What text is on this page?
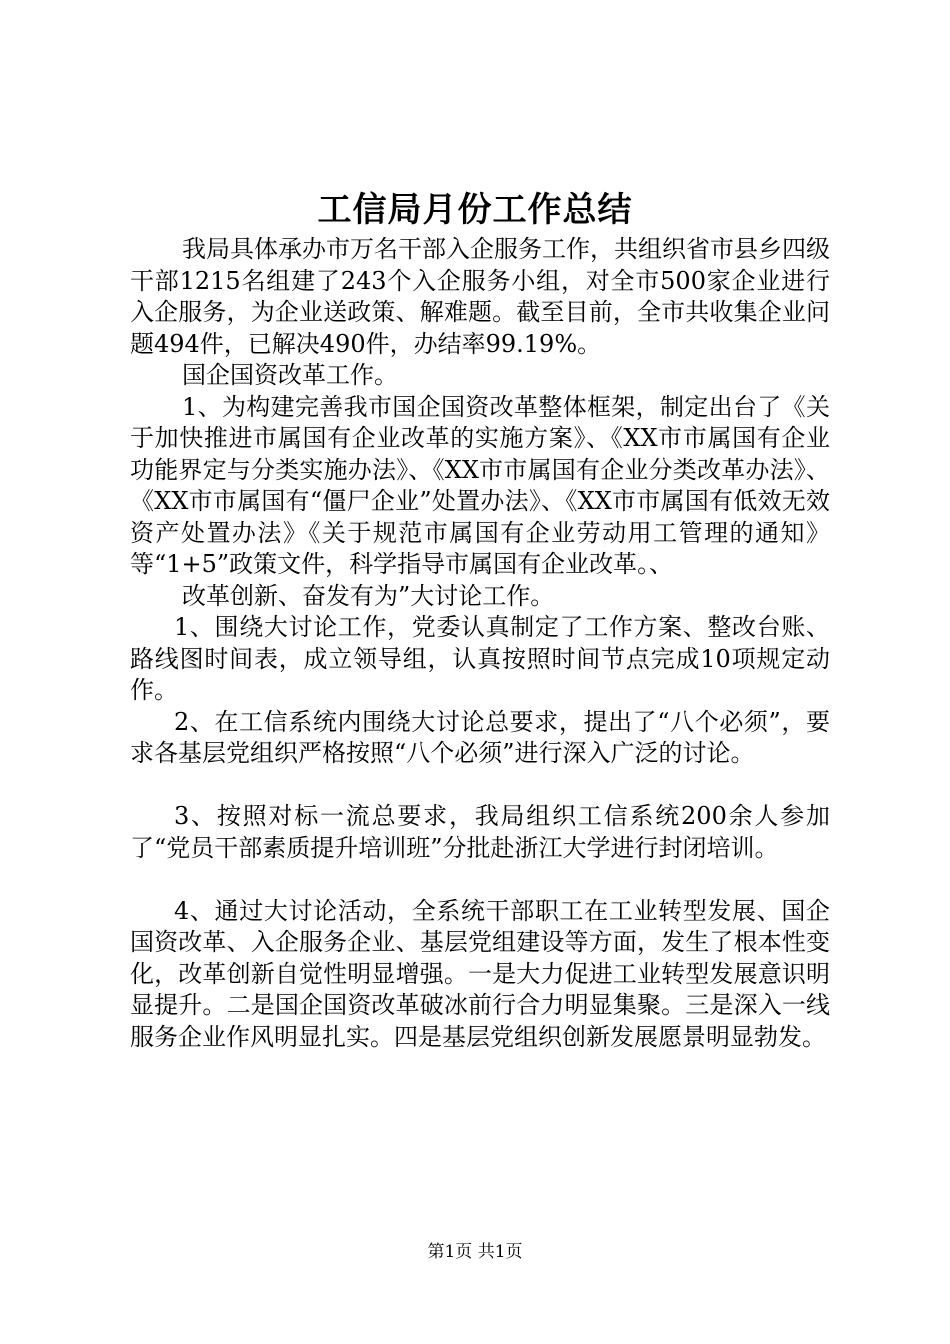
工信局月份工作总结

我局具体承办市万名干部入企服务工作，共组织省市县乡四级干部1215名组建了243个入企服务小组，对全市500家企业进行入企服务，为企业送政策、解难题。截至目前，全市共收集企业问题494件，已解决490件，办结率99.19%。

国企国资改革工作。

1、为构建完善我市国企国资改革整体框架，制定出台了《关于加快推进市属国有企业改革的实施方案》、《XX市市属国有企业功能界定与分类实施办法》、《XX市市属国有企业分类改革办法》、《XX市市属国有“僵尸企业”处置办法》、《XX市市属国有低效无效资产处置办法》《关于规范市属国有企业劳动用工管理的通知》等“1+5”政策文件，科学指导市属国有企业改革。、

改革创新、奋发有为”大讨论工作。

1、围绕大讨论工作，党委认真制定了工作方案、整改台账、路线图时间表，成立领导组，认真按照时间节点完成10项规定动作。

2、在工信系统内围绕大讨论总要求，提出了“八个必须”，要求各基层党组织严格按照“八个必须”进行深入广泛的讨论。

3、按照对标一流总要求，我局组织工信系统200余人参加了“党员干部素质提升培训班”分批赴浙江大学进行封闭培训。

4、通过大讨论活动，全系统干部职工在工业转型发展、国企国资改革、入企服务企业、基层党组建设等方面，发生了根本性变化，改革创新自觉性明显增强。一是大力促进工业转型发展意识明显提升。二是国企国资改革破冰前行合力明显集聚。三是深入一线服务企业作风明显扎实。四是基层党组织创新发展愿景明显勃发。

第1页 共1页
